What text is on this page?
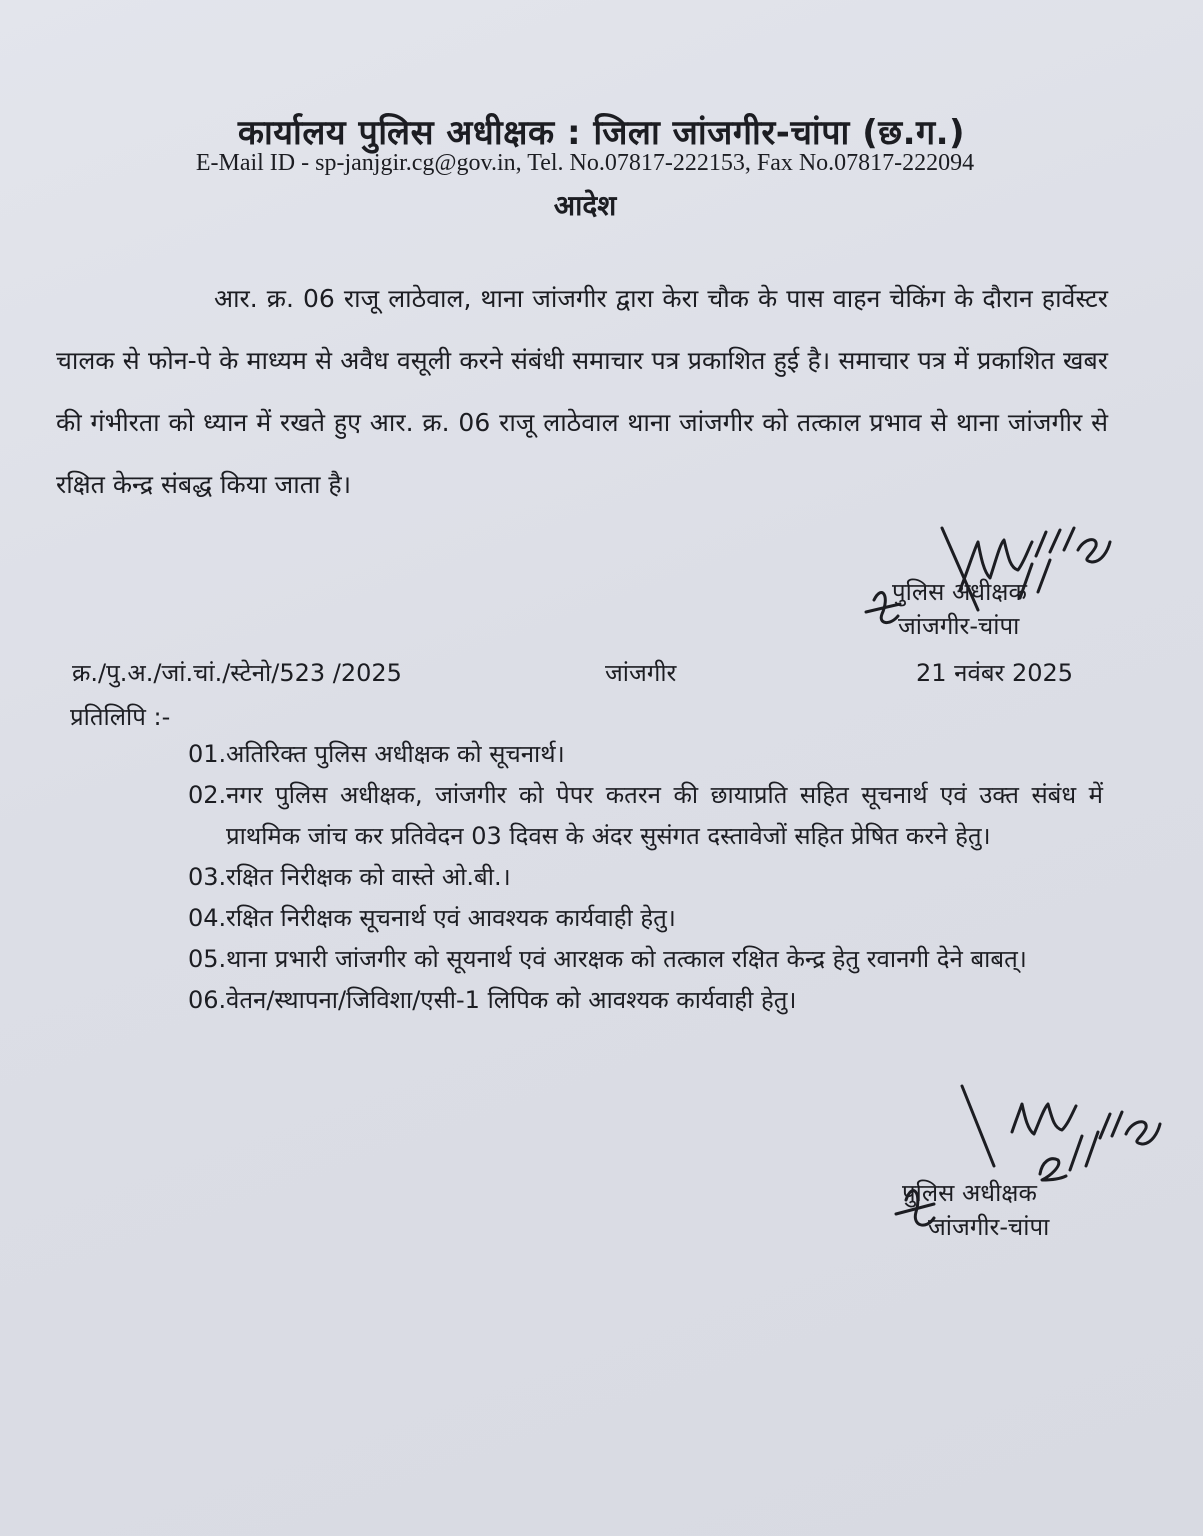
कार्यालय पुलिस अधीक्षक : जिला जांजगीर-चांपा (छ.ग.)
E-Mail ID - sp-janjgir.cg@gov.in, Tel. No.07817-222153, Fax No.07817-222094
आदेश

आर. क्र. 06 राजू लाठेवाल, थाना जांजगीर द्वारा केरा चौक के पास वाहन चेकिंग के दौरान हार्वेस्टर चालक से फोन-पे के माध्यम से अवैध वसूली करने संबंधी समाचार पत्र प्रकाशित हुई है। समाचार पत्र में प्रकाशित खबर की गंभीरता को ध्यान में रखते हुए आर. क्र. 06 राजू लाठेवाल थाना जांजगीर को तत्काल प्रभाव से थाना जांजगीर से रक्षित केन्द्र संबद्ध किया जाता है।

पुलिस अधीक्षक
जांजगीर-चांपा
क्र./पु.अ./जां.चां./स्टेनो/523 /2025	जांजगीर	21 नवंबर 2025
प्रतिलिपि :-
01. अतिरिक्त पुलिस अधीक्षक को सूचनार्थ।
02. नगर पुलिस अधीक्षक, जांजगीर को पेपर कतरन की छायाप्रति सहित सूचनार्थ एवं उक्त संबंध में प्राथमिक जांच कर प्रतिवेदन 03 दिवस के अंदर सुसंगत दस्तावेजों सहित प्रेषित करने हेतु।
03. रक्षित निरीक्षक को वास्ते ओ.बी.।
04. रक्षित निरीक्षक सूचनार्थ एवं आवश्यक कार्यवाही हेतु।
05. थाना प्रभारी जांजगीर को सूयनार्थ एवं आरक्षक को तत्काल रक्षित केन्द्र हेतु रवानगी देने बाबत्।
06. वेतन/स्थापना/जिविशा/एसी-1 लिपिक को आवश्यक कार्यवाही हेतु।
पुलिस अधीक्षक
जांजगीर-चांपा
